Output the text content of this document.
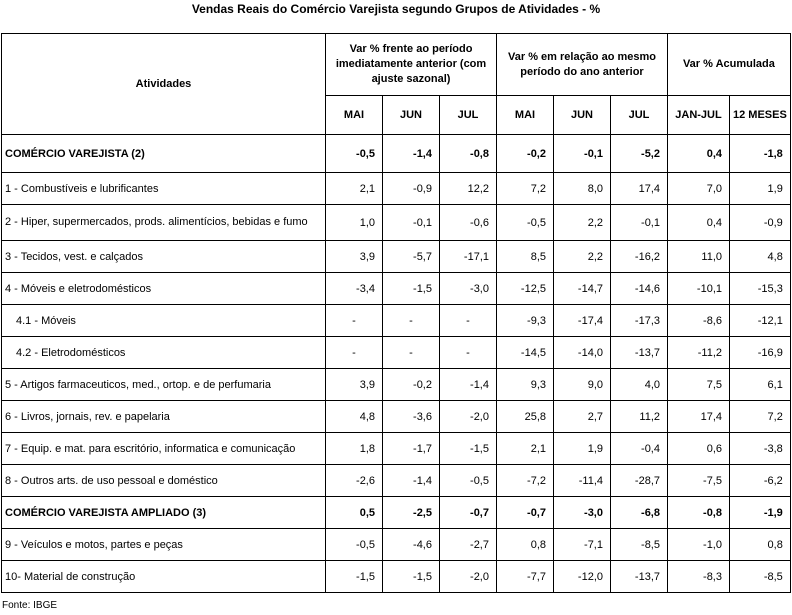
Vendas Reais do Comércio Varejista segundo Grupos de Atividades - %
Atividades	Var % frente ao período imediatamente anterior (com ajuste sazonal)			Var % em relação ao mesmo período do ano anterior			Var % Acumulada	
	MAI	JUN	JUL	MAI	JUN	JUL	JAN-JUL	12 MESES
COMÉRCIO VAREJISTA (2)	-0,5	-1,4	-0,8	-0,2	-0,1	-5,2	0,4	-1,8
1 - Combustíveis e lubrificantes	2,1	-0,9	12,2	7,2	8,0	17,4	7,0	1,9
2 - Hiper, supermercados, prods. alimentícios, bebidas e fumo	1,0	-0,1	-0,6	-0,5	2,2	-0,1	0,4	-0,9
3 - Tecidos, vest. e calçados	3,9	-5,7	-17,1	8,5	2,2	-16,2	11,0	4,8
4 - Móveis e eletrodomésticos	-3,4	-1,5	-3,0	-12,5	-14,7	-14,6	-10,1	-15,3
4.1 - Móveis	-	-	-	-9,3	-17,4	-17,3	-8,6	-12,1
4.2 - Eletrodomésticos	-	-	-	-14,5	-14,0	-13,7	-11,2	-16,9
5 - Artigos farmaceuticos, med., ortop. e de perfumaria	3,9	-0,2	-1,4	9,3	9,0	4,0	7,5	6,1
6 - Livros, jornais, rev. e papelaria	4,8	-3,6	-2,0	25,8	2,7	11,2	17,4	7,2
7 - Equip. e mat. para escritório, informatica e comunicação	1,8	-1,7	-1,5	2,1	1,9	-0,4	0,6	-3,8
8 - Outros arts. de uso pessoal e doméstico	-2,6	-1,4	-0,5	-7,2	-11,4	-28,7	-7,5	-6,2
COMÉRCIO VAREJISTA AMPLIADO (3)	0,5	-2,5	-0,7	-0,7	-3,0	-6,8	-0,8	-1,9
9 - Veículos e motos, partes e peças	-0,5	-4,6	-2,7	0,8	-7,1	-8,5	-1,0	0,8
10- Material de construção	-1,5	-1,5	-2,0	-7,7	-12,0	-13,7	-8,3	-8,5
Fonte: IBGE
